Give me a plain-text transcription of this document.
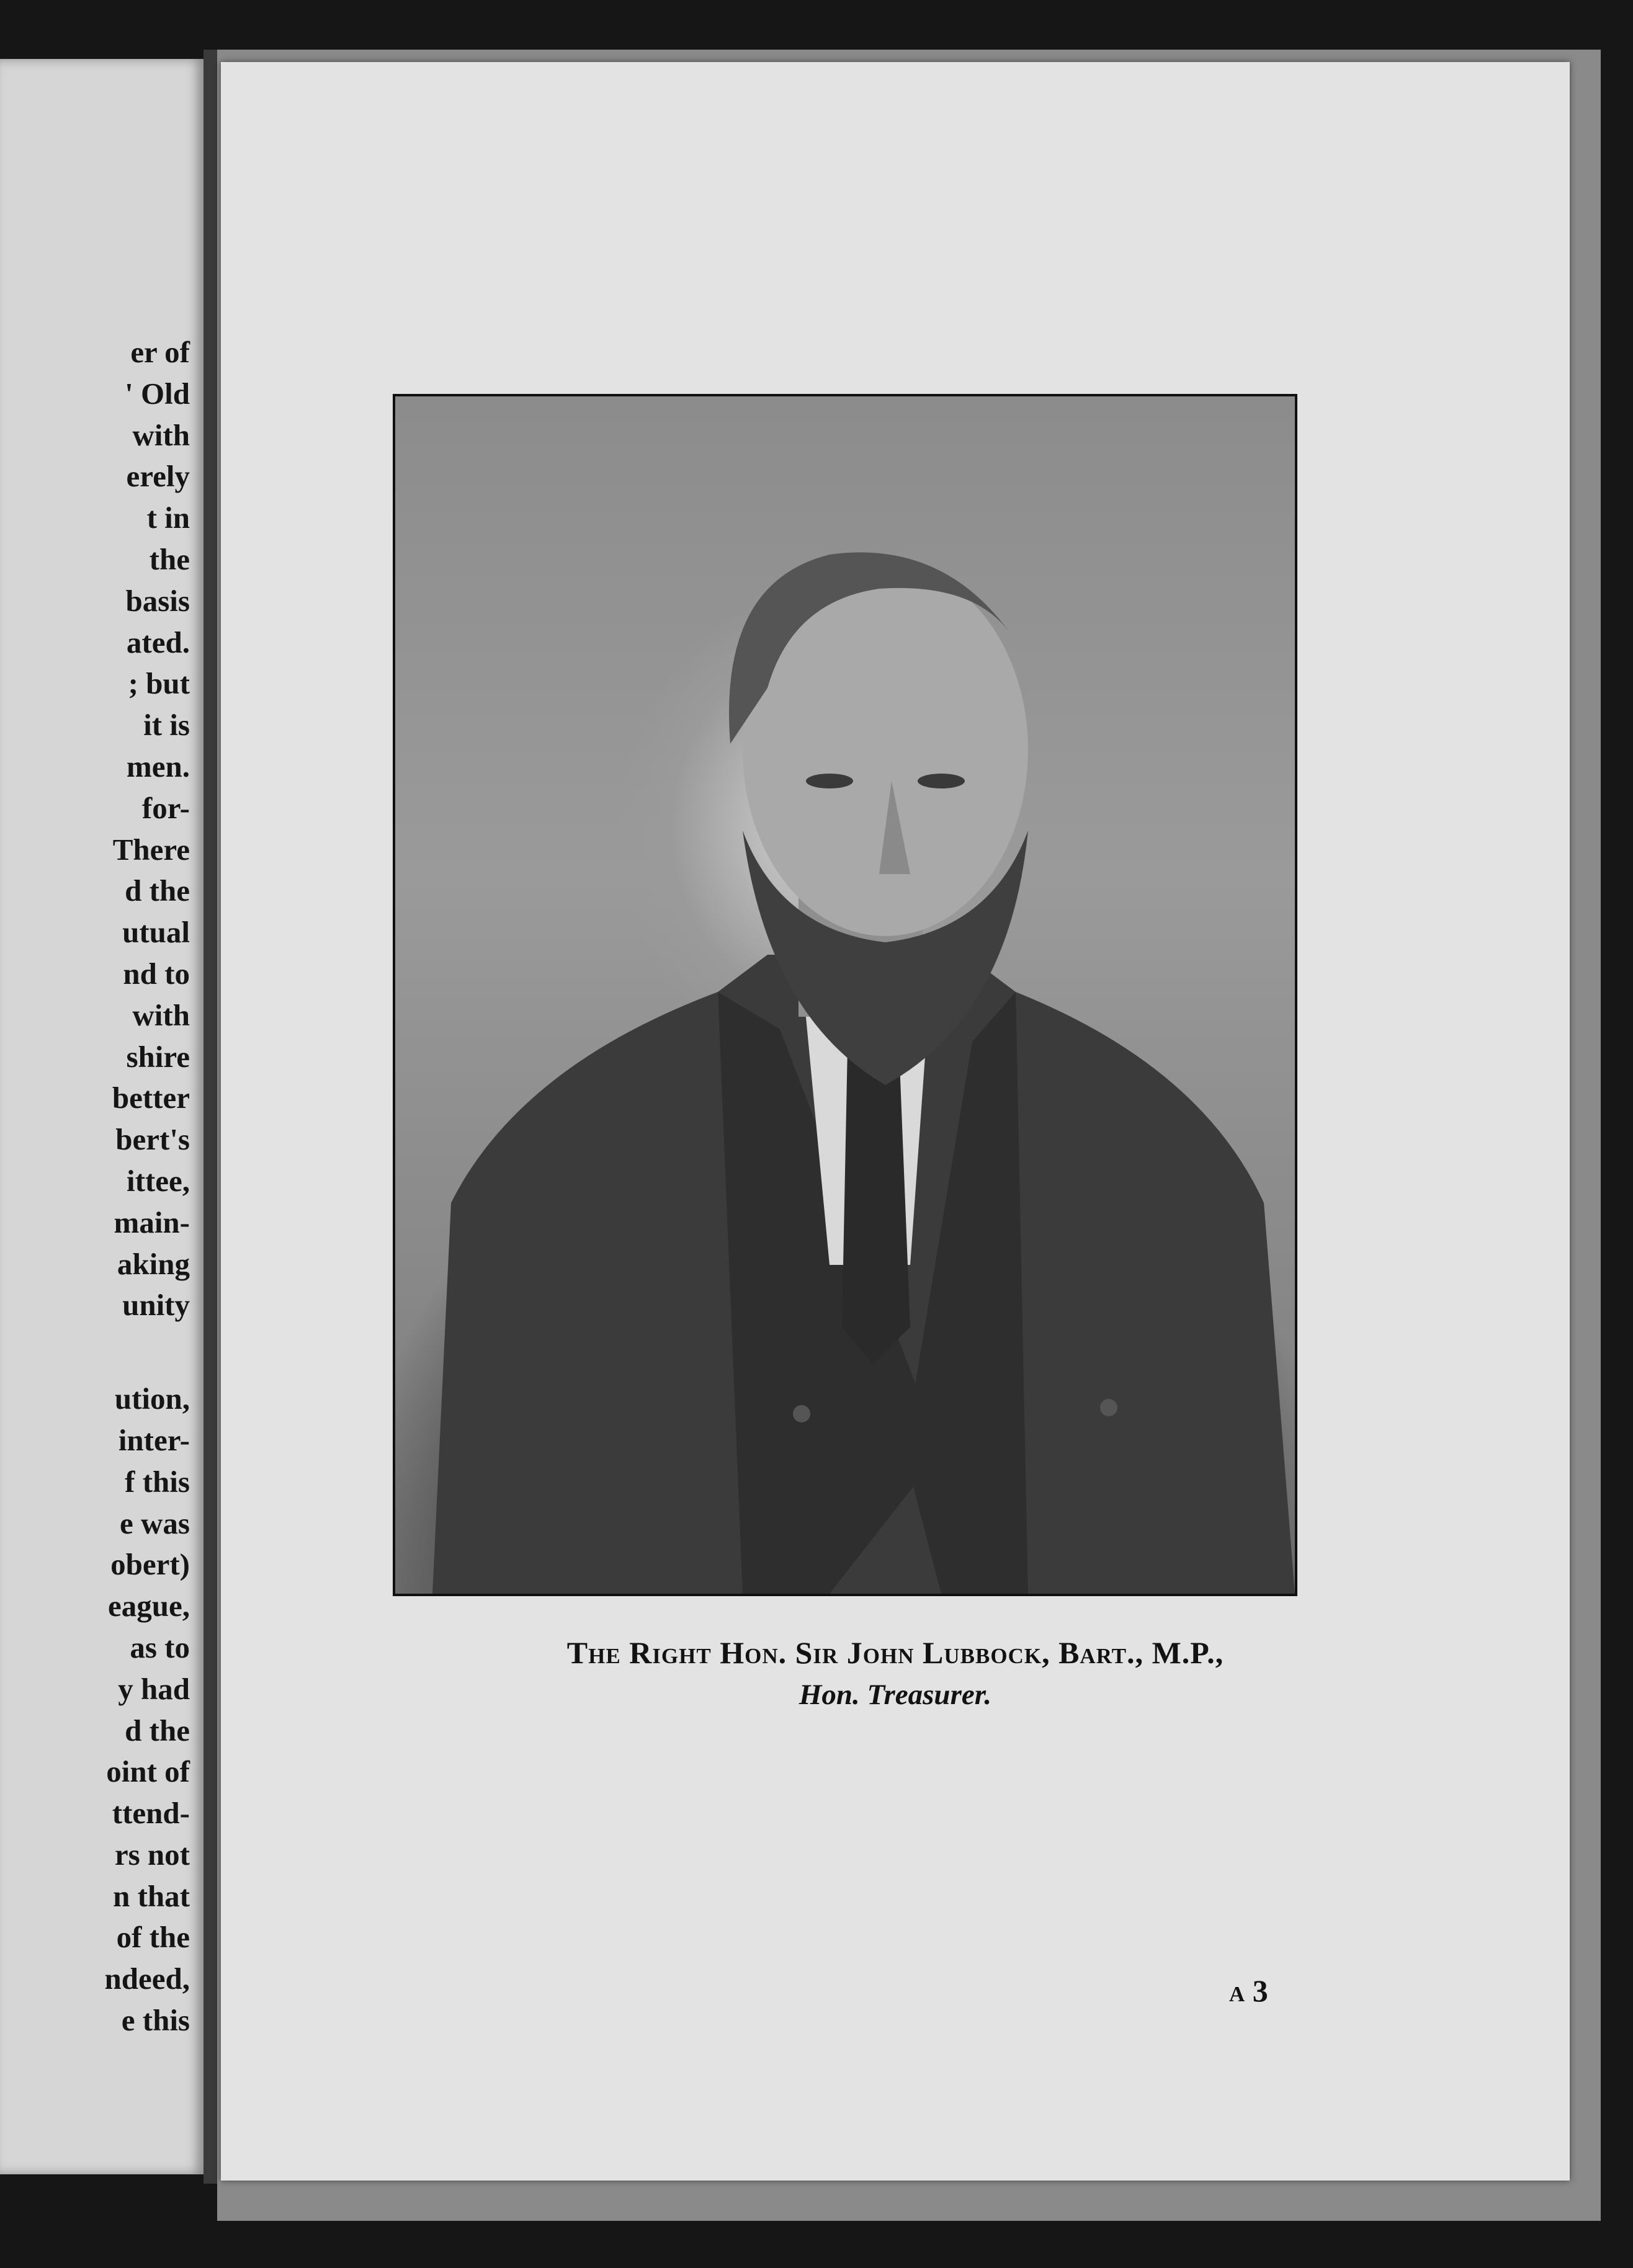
er of
' Old
with
erely
t in
the
basis
ated.
; but
it is
men.
for-
There
d the
utual
nd to
with
shire
better
bert's
ittee,
main-
aking
unity
ution,
inter-
f this
e was
obert)
eague,
as to
y had
d the
oint of
ttend-
rs not
n that
of the
ndeed,
e this
The Right Hon. Sir John Lubbock, Bart., M.P.,
Hon. Treasurer.
a 3
